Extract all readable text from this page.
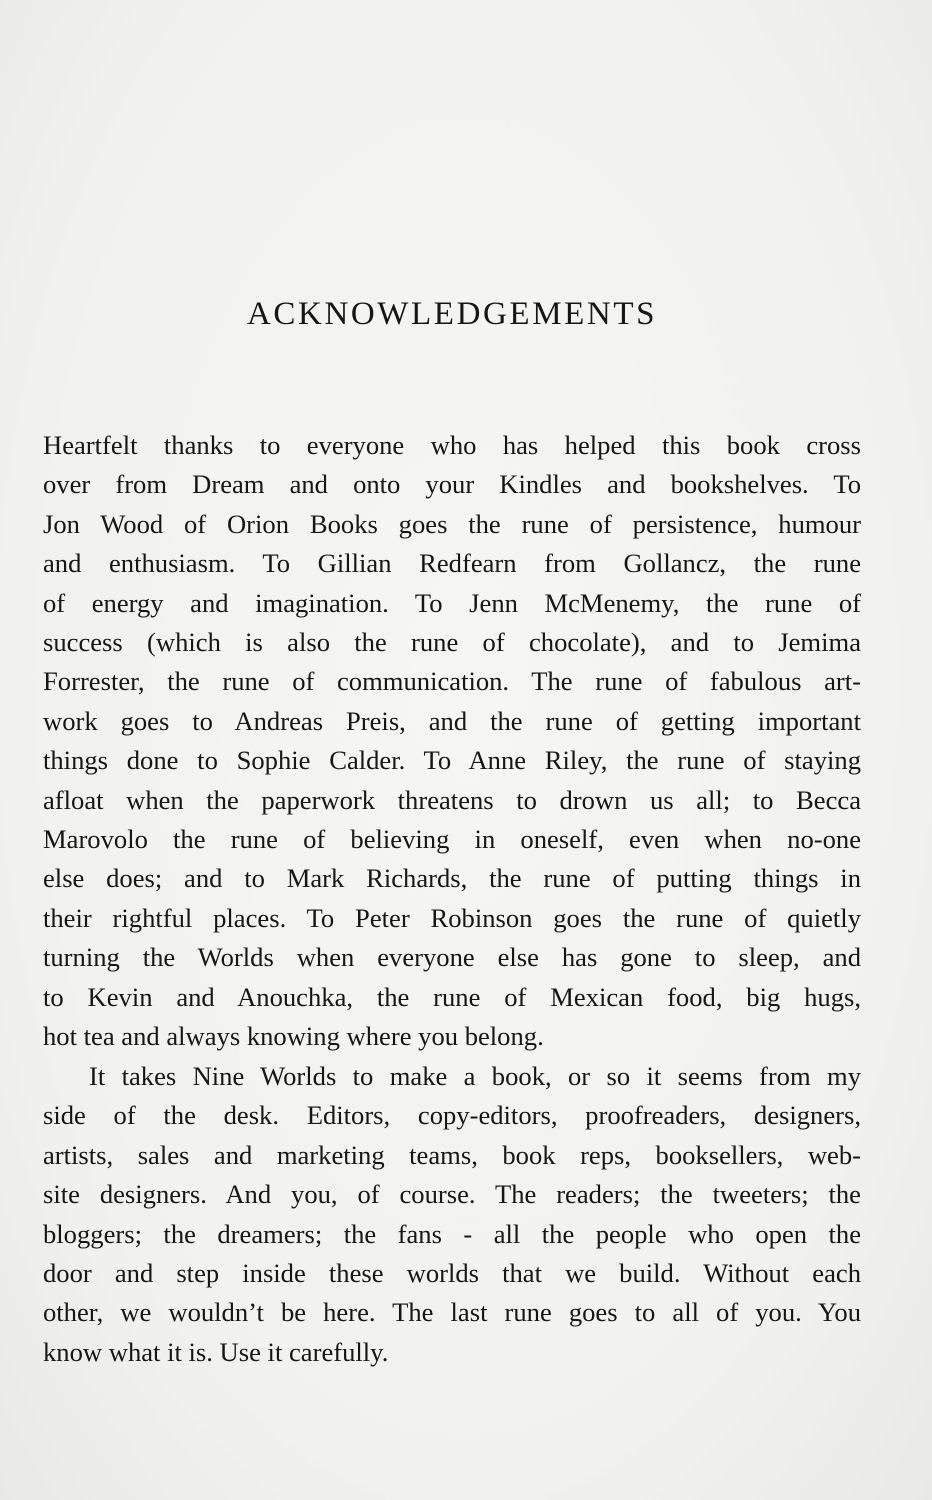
ACKNOWLEDGEMENTS

Heartfelt thanks to everyone who has helped this book cross
over from Dream and onto your Kindles and bookshelves. To
Jon Wood of Orion Books goes the rune of persistence, humour
and enthusiasm. To Gillian Redfearn from Gollancz, the rune
of energy and imagination. To Jenn McMenemy, the rune of
success (which is also the rune of chocolate), and to Jemima
Forrester, the rune of communication. The rune of fabulous art-
work goes to Andreas Preis, and the rune of getting important
things done to Sophie Calder. To Anne Riley, the rune of staying
afloat when the paperwork threatens to drown us all; to Becca
Marovolo the rune of believing in oneself, even when no-one
else does; and to Mark Richards, the rune of putting things in
their rightful places. To Peter Robinson goes the rune of quietly
turning the Worlds when everyone else has gone to sleep, and
to Kevin and Anouchka, the rune of Mexican food, big hugs,
hot tea and always knowing where you belong.

It takes Nine Worlds to make a book, or so it seems from my
side of the desk. Editors, copy-editors, proofreaders, designers,
artists, sales and marketing teams, book reps, booksellers, web-
site designers. And you, of course. The readers; the tweeters; the
bloggers; the dreamers; the fans - all the people who open the
door and step inside these worlds that we build. Without each
other, we wouldn’t be here. The last rune goes to all of you. You
know what it is. Use it carefully.
